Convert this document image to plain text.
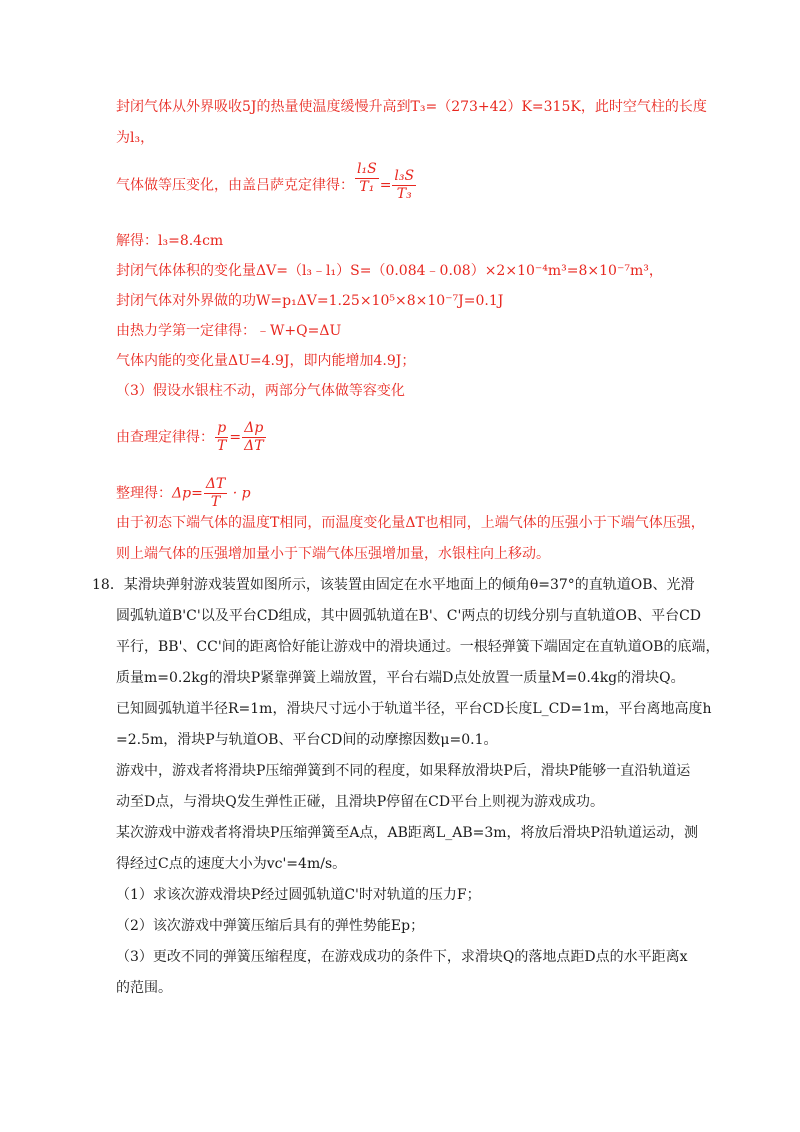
封闭气体从外界吸收5J的热量使温度缓慢升高到T₃=（273+42）K=315K，此时空气柱的长度
为l₃，
气体做等压变化，由盖吕萨克定律得： $\frac{\text{l₁S}}{\text{T₁}} = \frac{\text{l₃S}}{\text{T₃}}$
解得：l₃=8.4cm
封闭气体体积的变化量ΔV=（l₃﹣l₁）S=（0.084﹣0.08）×2×10⁻⁴m³=8×10⁻⁷m³，
封闭气体对外界做的功W=p₁ΔV=1.25×10⁵×8×10⁻⁷J=0.1J
由热力学第一定律得：﹣W+Q=ΔU
气体内能的变化量ΔU=4.9J，即内能增加4.9J；
（3）假设水银柱不动，两部分气体做等容变化
由查理定律得： $\frac{p}{T} = \frac{\Delta p}{\Delta T}$
整理得：$\Delta p= \frac{\Delta T}{T} \cdot p$
由于初态下端气体的温度T相同，而温度变化量ΔT也相同，上端气体的压强小于下端气体压强，
则上端气体的压强增加量小于下端气体压强增加量，水银柱向上移动。
18．某滑块弹射游戏装置如图所示，该装置由固定在水平地面上的倾角θ=37°的直轨道OB、光滑
圆弧轨道B'C'以及平台CD组成，其中圆弧轨道在B'、C'两点的切线分别与直轨道OB、平台CD
平行，BB'、CC'间的距离恰好能让游戏中的滑块通过。一根轻弹簧下端固定在直轨道OB的底端，
质量m=0.2kg的滑块P紧靠弹簧上端放置，平台右端D点处放置一质量M=0.4kg的滑块Q。
已知圆弧轨道半径R=1m，滑块尺寸远小于轨道半径，平台CD长度L_CD=1m，平台离地高度h
=2.5m，滑块P与轨道OB、平台CD间的动摩擦因数μ=0.1。
游戏中，游戏者将滑块P压缩弹簧到不同的程度，如果释放滑块P后，滑块P能够一直沿轨道运
动至D点，与滑块Q发生弹性正碰，且滑块P停留在CD平台上则视为游戏成功。
某次游戏中游戏者将滑块P压缩弹簧至A点，AB距离L_AB=3m，将放后滑块P沿轨道运动，测
得经过C点的速度大小为vc'=4m/s。
（1）求该次游戏滑块P经过圆弧轨道C'时对轨道的压力F；
（2）该次游戏中弹簧压缩后具有的弹性势能Ep；
（3）更改不同的弹簧压缩程度，在游戏成功的条件下，求滑块Q的落地点距D点的水平距离x
的范围。
